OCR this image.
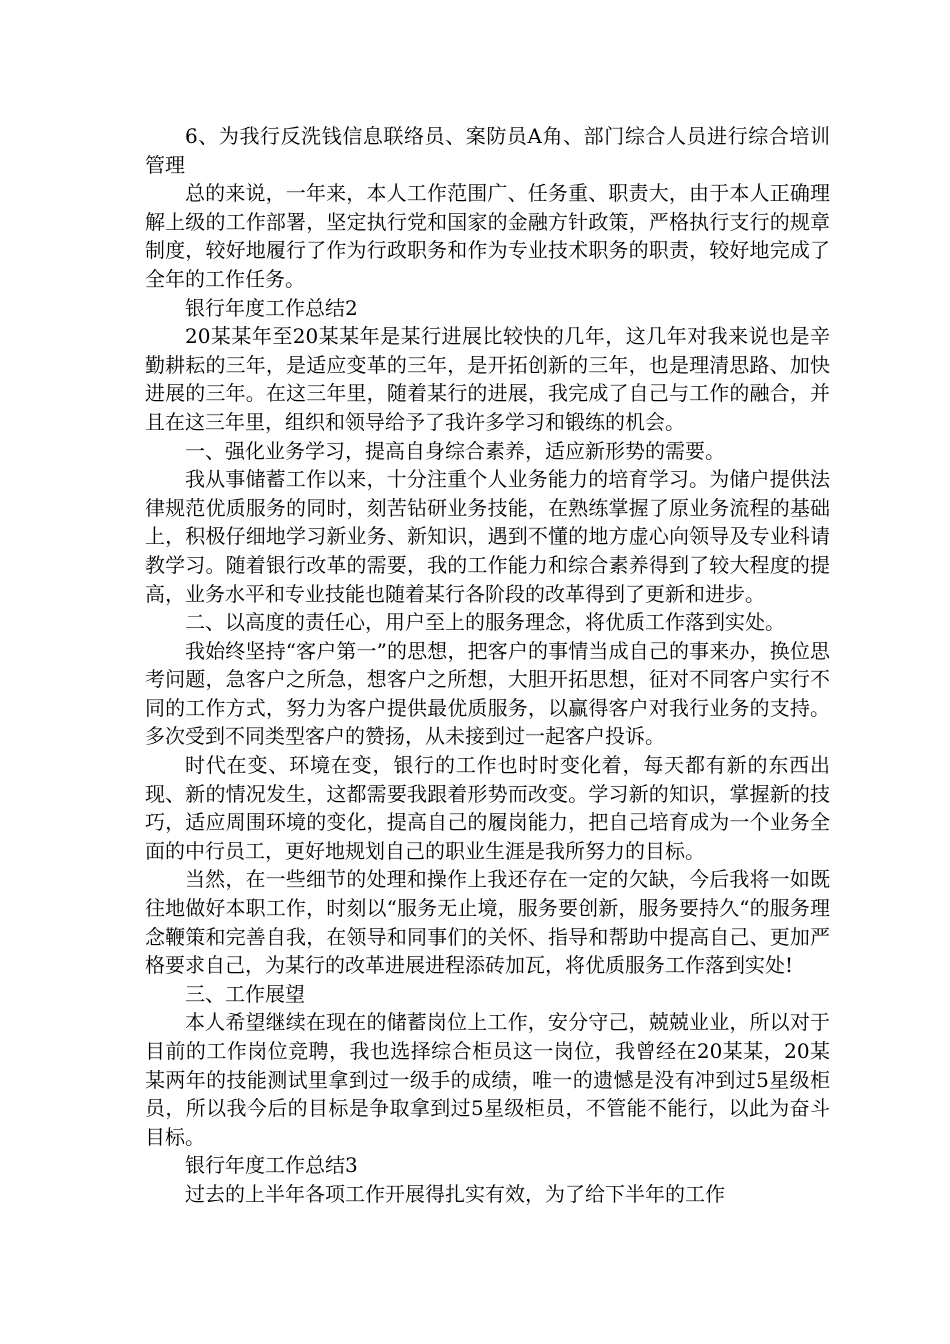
6、为我行反洗钱信息联络员、案防员A角、部门综合人员进行综合培训管理

总的来说，一年来，本人工作范围广、任务重、职责大，由于本人正确理解上级的工作部署，坚定执行党和国家的金融方针政策，严格执行支行的规章制度，较好地履行了作为行政职务和作为专业技术职务的职责，较好地完成了全年的工作任务。

银行年度工作总结2

20某某年至20某某年是某行进展比较快的几年，这几年对我来说也是辛勤耕耘的三年，是适应变革的三年，是开拓创新的三年，也是理清思路、加快进展的三年。在这三年里，随着某行的进展，我完成了自己与工作的融合，并且在这三年里，组织和领导给予了我许多学习和锻练的机会。

一、强化业务学习，提高自身综合素养，适应新形势的需要。

我从事储蓄工作以来，十分注重个人业务能力的培育学习。为储户提供法律规范优质服务的同时，刻苦钻研业务技能，在熟练掌握了原业务流程的基础上，积极仔细地学习新业务、新知识，遇到不懂的地方虚心向领导及专业科请教学习。随着银行改革的需要，我的工作能力和综合素养得到了较大程度的提高，业务水平和专业技能也随着某行各阶段的改革得到了更新和进步。

二、以高度的责任心，用户至上的服务理念，将优质工作落到实处。

我始终坚持“客户第一”的思想，把客户的事情当成自己的事来办，换位思考问题，急客户之所急，想客户之所想，大胆开拓思想，征对不同客户实行不同的工作方式，努力为客户提供最优质服务，以赢得客户对我行业务的支持。多次受到不同类型客户的赞扬，从未接到过一起客户投诉。

时代在变、环境在变，银行的工作也时时变化着，每天都有新的东西出现、新的情况发生，这都需要我跟着形势而改变。学习新的知识，掌握新的技巧，适应周围环境的变化，提高自己的履岗能力，把自己培育成为一个业务全面的中行员工，更好地规划自己的职业生涯是我所努力的目标。

当然，在一些细节的处理和操作上我还存在一定的欠缺，今后我将一如既往地做好本职工作，时刻以“服务无止境，服务要创新，服务要持久“的服务理念鞭策和完善自我，在领导和同事们的关怀、指导和帮助中提高自己、更加严格要求自己，为某行的改革进展进程添砖加瓦，将优质服务工作落到实处!

三、工作展望

本人希望继续在现在的储蓄岗位上工作，安分守己，兢兢业业，所以对于目前的工作岗位竞聘，我也选择综合柜员这一岗位，我曾经在20某某，20某某两年的技能测试里拿到过一级手的成绩，唯一的遗憾是没有冲到过5星级柜员，所以我今后的目标是争取拿到过5星级柜员，不管能不能行，以此为奋斗目标。

银行年度工作总结3

过去的上半年各项工作开展得扎实有效，为了给下半年的工作
